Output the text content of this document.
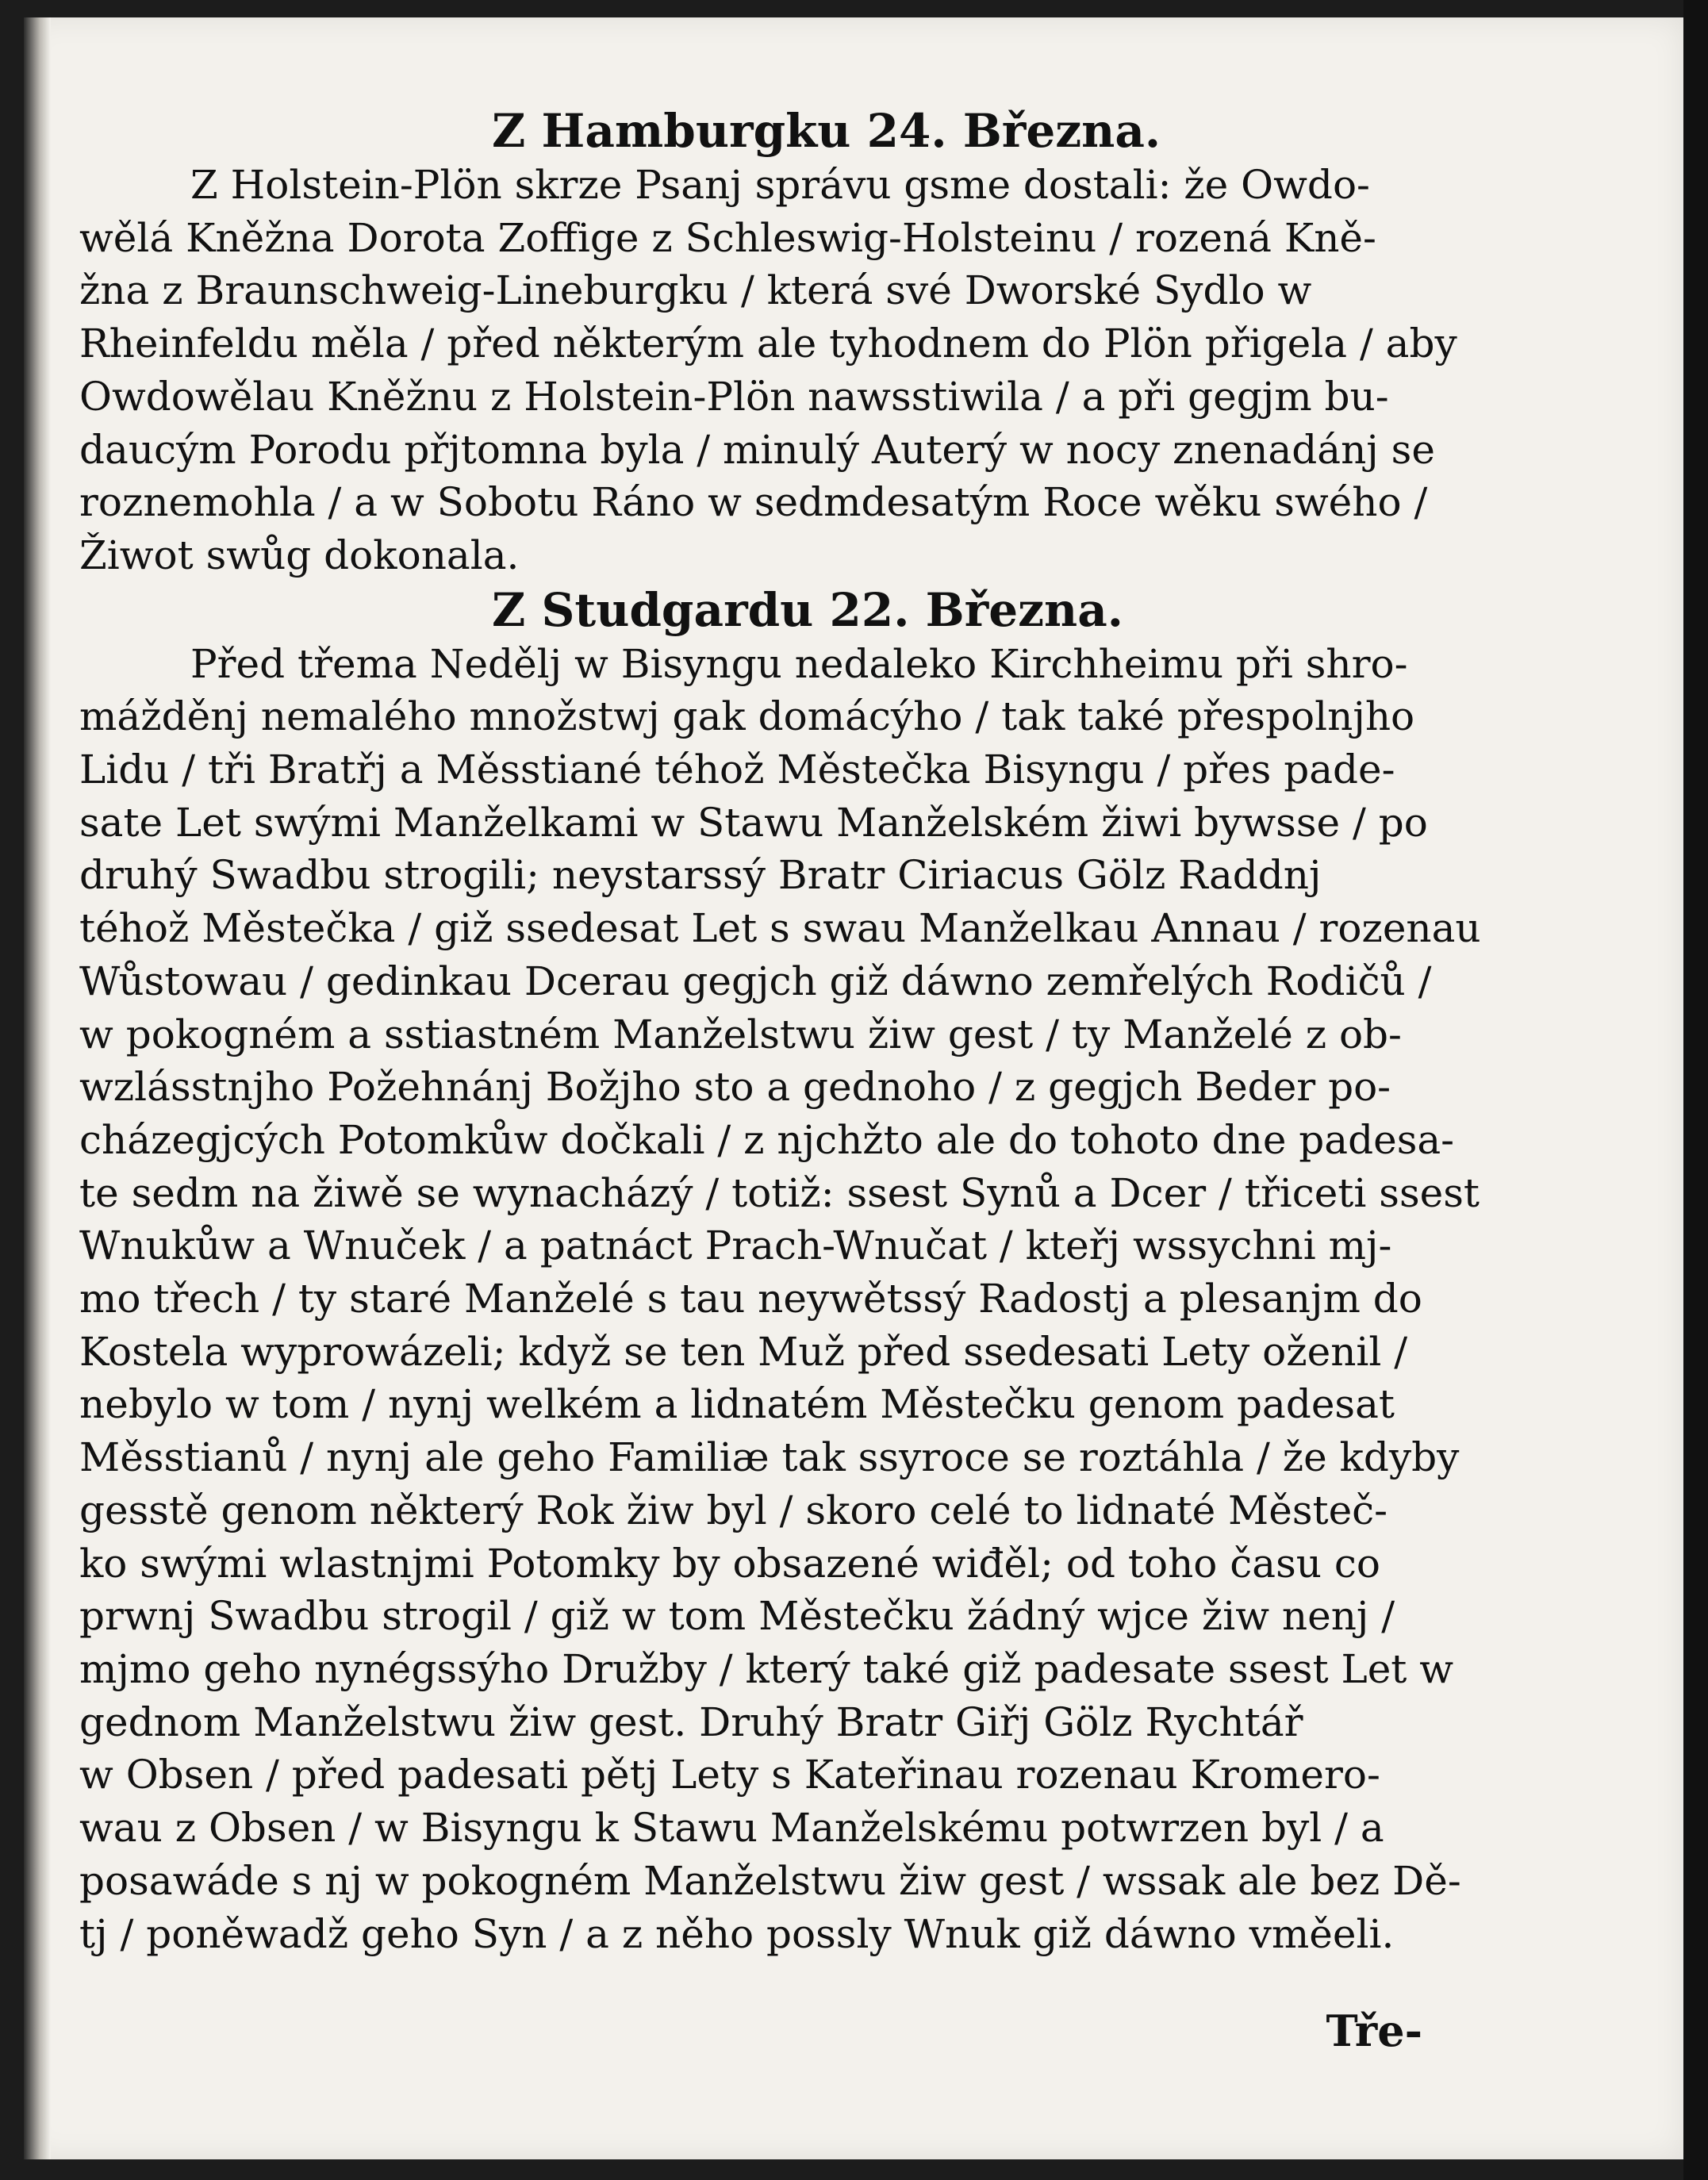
Z Hamburgku 24. Března.
Z Holstein-Plön skrze Psanj správu gsme dostali: že Owdo-
wělá Kněžna Dorota Zoffige z Schleswig-Holsteinu / rozená Kně-
žna z Braunschweig-Lineburgku / která své Dworské Sydlo w
Rheinfeldu měla / před některým ale tyhodnem do Plön přigela / aby
Owdowělau Kněžnu z Holstein-Plön nawsstiwila / a při gegjm bu-
daucým Porodu přjtomna byla / minulý Auterý w nocy znenadánj se
roznemohla / a w Sobotu Ráno w sedmdesatým Roce wěku swého /
Žiwot swůg dokonala.
Z Studgardu 22. Března.
Před třema Nedělj w Bisyngu nedaleko Kirchheimu při shro-
mážděnj nemalého množstwj gak domácýho / tak také přespolnjho
Lidu / tři Bratřj a Měsstiané téhož Městečka Bisyngu / přes pade-
sate Let swými Manželkami w Stawu Manželském žiwi bywsse / po
druhý Swadbu strogili; neystarssý Bratr Ciriacus Gölz Raddnj
téhož Městečka / giž ssedesat Let s swau Manželkau Annau / rozenau
Wůstowau / gedinkau Dcerau gegjch giž dáwno zemřelých Rodičů /
w pokogném a sstiastném Manželstwu žiw gest / ty Manželé z ob-
wzlásstnjho Požehnánj Božjho sto a gednoho / z gegjch Beder po-
cházegjcých Potomkůw dočkali / z njchžto ale do tohoto dne padesa-
te sedm na žiwě se wynacházý / totiž: ssest Synů a Dcer / třiceti ssest
Wnukůw a Wnuček / a patnáct Prach-Wnučat / kteřj wssychni mj-
mo třech / ty staré Manželé s tau neywětssý Radostj a plesanjm do
Kostela wyprowázeli; když se ten Muž před ssedesati Lety oženil /
nebylo w tom / nynj welkém a lidnatém Městečku genom padesat
Měsstianů / nynj ale geho Familiæ tak ssyroce se roztáhla / že kdyby
gesstě genom některý Rok žiw byl / skoro celé to lidnaté Městeč-
ko swými wlastnjmi Potomky by obsazené wiđěl; od toho času co
prwnj Swadbu strogil / giž w tom Městečku žádný wjce žiw nenj /
mjmo geho nynégssýho Družby / který také giž padesate ssest Let w
gednom Manželstwu žiw gest. Druhý Bratr Giřj Gölz Rychtář
w Obsen / před padesati pětj Lety s Kateřinau rozenau Kromero-
wau z Obsen / w Bisyngu k Stawu Manželskému potwrzen byl / a
posawáde s nj w pokogném Manželstwu žiw gest / wssak ale bez Dě-
tj / poněwadž geho Syn / a z něho possly Wnuk giž dáwno vměeli.
Tře-
